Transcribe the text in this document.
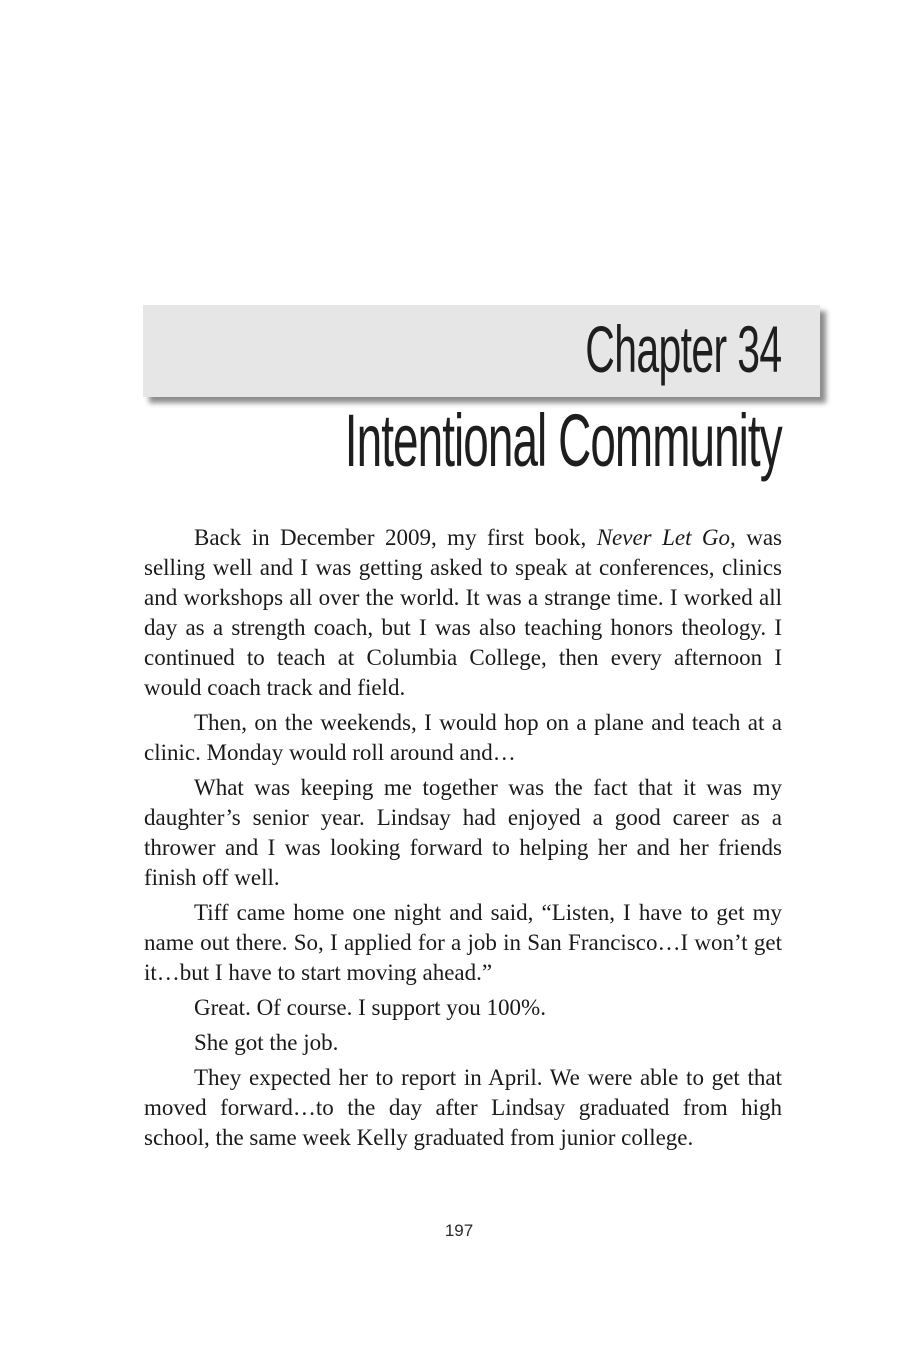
Chapter 34
Intentional Community

Back in December 2009, my first book, Never Let Go, was selling well and I was getting asked to speak at conferences, clinics and workshops all over the world. It was a strange time. I worked all day as a strength coach, but I was also teaching honors theology. I continued to teach at Columbia College, then every afternoon I would coach track and field.

Then, on the weekends, I would hop on a plane and teach at a clinic. Monday would roll around and…

What was keeping me together was the fact that it was my daughter’s senior year. Lindsay had enjoyed a good career as a thrower and I was looking forward to helping her and her friends finish off well.

Tiff came home one night and said, “Listen, I have to get my name out there. So, I applied for a job in San Francisco…I won’t get it…but I have to start moving ahead.”

Great. Of course. I support you 100%.

She got the job.

They expected her to report in April. We were able to get that moved forward…to the day after Lindsay graduated from high school, the same week Kelly graduated from junior college.

197
